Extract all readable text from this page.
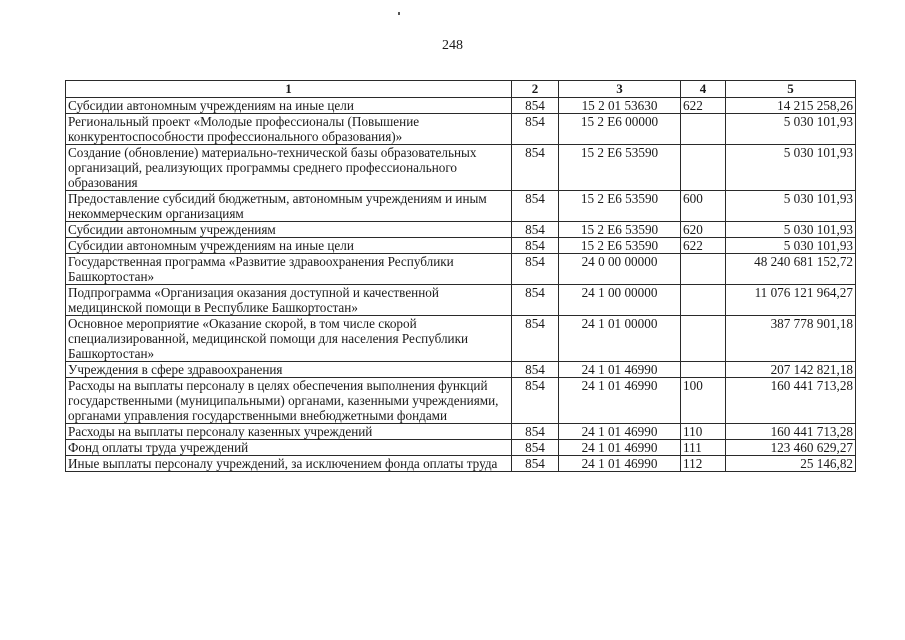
248
1	2	3	4	5
Субсидии автономным учреждениям на иные цели	854	15 2 01 53630	622	14 215 258,26
Региональный проект «Молодые профессионалы (Повышение конкурентоспособности профессионального образования)»	854	15 2 E6 00000		5 030 101,93
Создание (обновление) материально-технической базы образовательных организаций, реализующих программы среднего профессионального образования	854	15 2 E6 53590		5 030 101,93
Предоставление субсидий бюджетным, автономным учреждениям и иным некоммерческим организациям	854	15 2 E6 53590	600	5 030 101,93
Субсидии автономным учреждениям	854	15 2 E6 53590	620	5 030 101,93
Субсидии автономным учреждениям на иные цели	854	15 2 E6 53590	622	5 030 101,93
Государственная программа «Развитие здравоохранения Республики Башкортостан»	854	24 0 00 00000		48 240 681 152,72
Подпрограмма «Организация оказания доступной и качественной медицинской помощи в Республике Башкортостан»	854	24 1 00 00000		11 076 121 964,27
Основное мероприятие «Оказание скорой, в том числе скорой специализированной, медицинской помощи для населения Республики Башкортостан»	854	24 1 01 00000		387 778 901,18
Учреждения в сфере здравоохранения	854	24 1 01 46990		207 142 821,18
Расходы на выплаты персоналу в целях обеспечения выполнения функций государственными (муниципальными) органами, казенными учреждениями, органами управления государственными внебюджетными фондами	854	24 1 01 46990	100	160 441 713,28
Расходы на выплаты персоналу казенных учреждений	854	24 1 01 46990	110	160 441 713,28
Фонд оплаты труда учреждений	854	24 1 01 46990	111	123 460 629,27
Иные выплаты персоналу учреждений, за исключением фонда оплаты труда	854	24 1 01 46990	112	25 146,82
